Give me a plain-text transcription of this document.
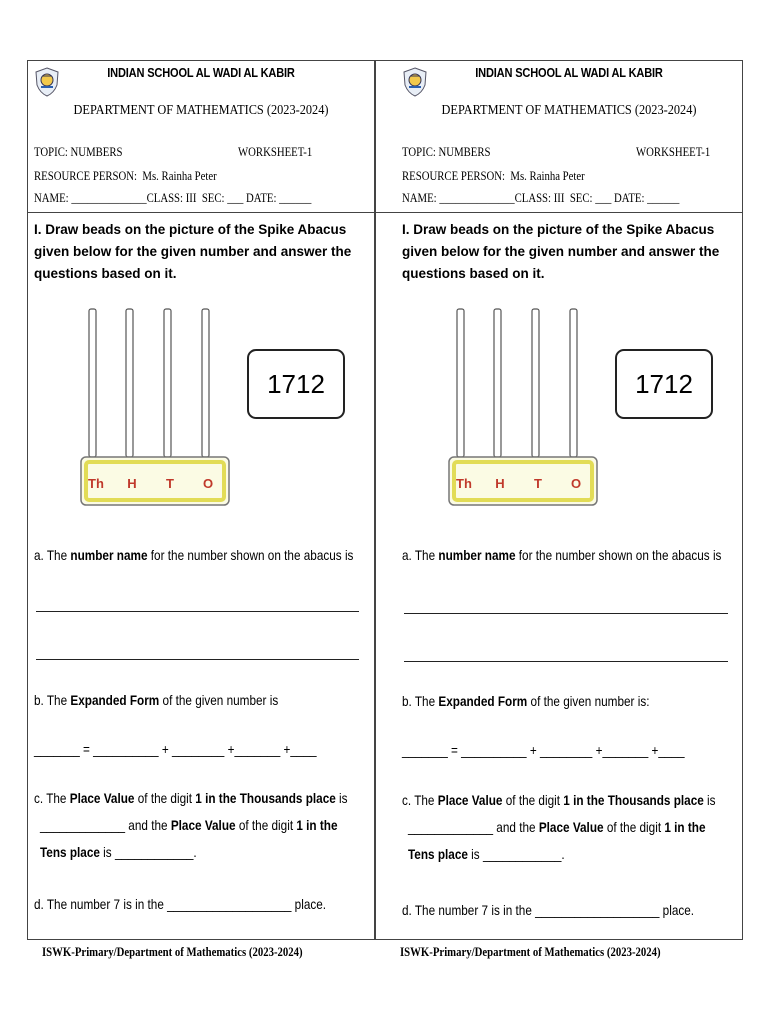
INDIAN SCHOOL AL WADI AL KABIR
DEPARTMENT OF MATHEMATICS (2023-2024)
TOPIC: NUMBERS	WORKSHEET-1
RESOURCE PERSON:  Ms. Rainha Peter
NAME: ______________CLASS: III  SEC: ___ DATE: ______
I. Draw beads on the picture of the Spike Abacus given below for the given number and answer the questions based on it.
Th H T O
1712
a. The number name for the number shown on the abacus is
b. The Expanded Form of the given number is
_______ = __________ + ________ +_______ +____
c. The Place Value of the digit 1 in the Thousands place is
_____________ and the Place Value of the digit 1 in the
Tens place is ____________.
d. The number 7 is in the ___________________ place.
INDIAN SCHOOL AL WADI AL KABIR
DEPARTMENT OF MATHEMATICS (2023-2024)
TOPIC: NUMBERS	WORKSHEET-1
RESOURCE PERSON:  Ms. Rainha Peter
NAME: ______________CLASS: III  SEC: ___ DATE: ______
I. Draw beads on the picture of the Spike Abacus given below for the given number and answer the questions based on it.
Th H T O
1712
a. The number name for the number shown on the abacus is
b. The Expanded Form of the given number is:
_______ = __________ + ________ +_______ +____
c. The Place Value of the digit 1 in the Thousands place is
_____________ and the Place Value of the digit 1 in the
Tens place is ____________.
d. The number 7 is in the ___________________ place.
ISWK-Primary/Department of Mathematics (2023-2024)	ISWK-Primary/Department of Mathematics (2023-2024)
